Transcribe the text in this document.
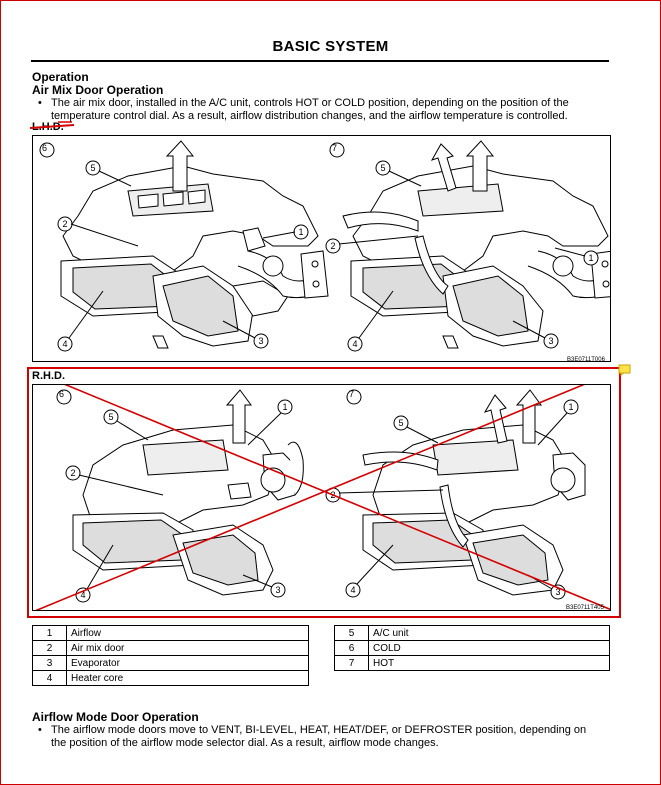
BASIC SYSTEM
Operation
Air Mix Door Operation
• The air mix door, installed in the A/C unit, controls HOT or COLD position, depending on the position of the
temperature control dial. As a result, airflow distribution changes, and the airflow temperature is controlled.
L.H.D.
5
2
1
3
4
5
2
1
3
4
6	7
B3E0711T006
R.H.D.
5
1
2
3
4
5
1
3
4
6	7
B3E0711T405
1	Airflow
2	Air mix door
3	Evaporator
4	Heater core
5	A/C unit
6	COLD
7	HOT
Airflow Mode Door Operation
• The airflow mode doors move to VENT, BI-LEVEL, HEAT, HEAT/DEF, or DEFROSTER position, depending on
the position of the airflow mode selector dial. As a result, airflow mode changes.
